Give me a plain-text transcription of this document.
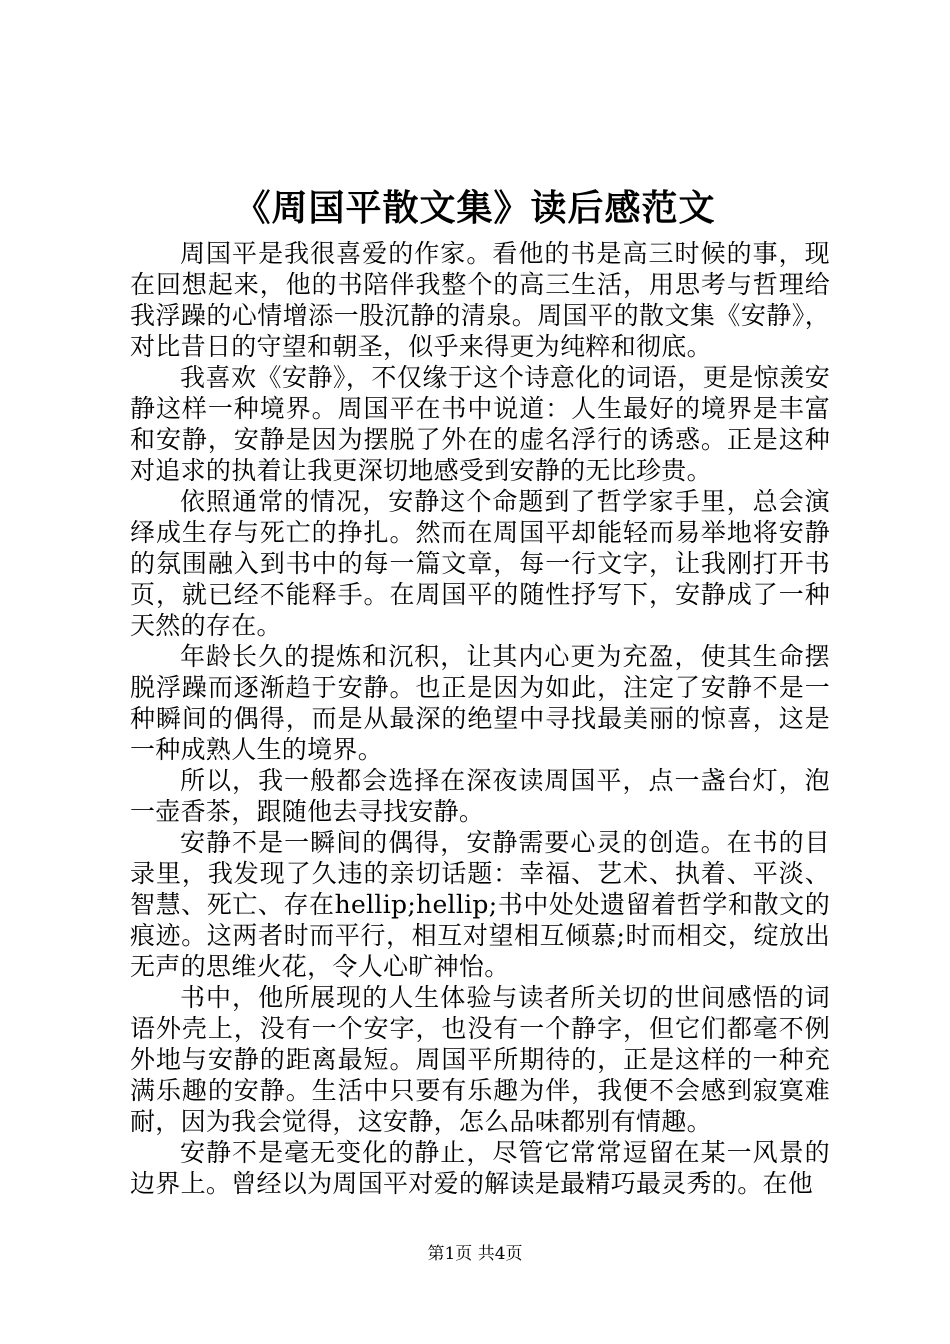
《周国平散文集》读后感范文

周国平是我很喜爱的作家。看他的书是高三时候的事，现在回想起来，他的书陪伴我整个的高三生活，用思考与哲理给我浮躁的心情增添一股沉静的清泉。周国平的散文集《安静》，对比昔日的守望和朝圣，似乎来得更为纯粹和彻底。

我喜欢《安静》，不仅缘于这个诗意化的词语，更是惊羡安静这样一种境界。周国平在书中说道：人生最好的境界是丰富和安静，安静是因为摆脱了外在的虚名浮行的诱惑。正是这种对追求的执着让我更深切地感受到安静的无比珍贵。

依照通常的情况，安静这个命题到了哲学家手里，总会演绎成生存与死亡的挣扎。然而在周国平却能轻而易举地将安静的氛围融入到书中的每一篇文章，每一行文字，让我刚打开书页，就已经不能释手。在周国平的随性抒写下，安静成了一种天然的存在。

年龄长久的提炼和沉积，让其内心更为充盈，使其生命摆脱浮躁而逐渐趋于安静。也正是因为如此，注定了安静不是一种瞬间的偶得，而是从最深的绝望中寻找最美丽的惊喜，这是一种成熟人生的境界。

所以，我一般都会选择在深夜读周国平，点一盏台灯，泡一壶香茶，跟随他去寻找安静。

安静不是一瞬间的偶得，安静需要心灵的创造。在书的目录里，我发现了久违的亲切话题：幸福、艺术、执着、平淡、智慧、死亡、存在hellip;hellip;书中处处遗留着哲学和散文的痕迹。这两者时而平行，相互对望相互倾慕;时而相交，绽放出无声的思维火花，令人心旷神怡。

书中，他所展现的人生体验与读者所关切的世间感悟的词语外壳上，没有一个安字，也没有一个静字，但它们都毫不例外地与安静的距离最短。周国平所期待的，正是这样的一种充满乐趣的安静。生活中只要有乐趣为伴，我便不会感到寂寞难耐，因为我会觉得，这安静，怎么品味都别有情趣。

安静不是毫无变化的静止，尽管它常常逗留在某一风景的边界上。曾经以为周国平对爱的解读是最精巧最灵秀的。在他

第1页 共4页
